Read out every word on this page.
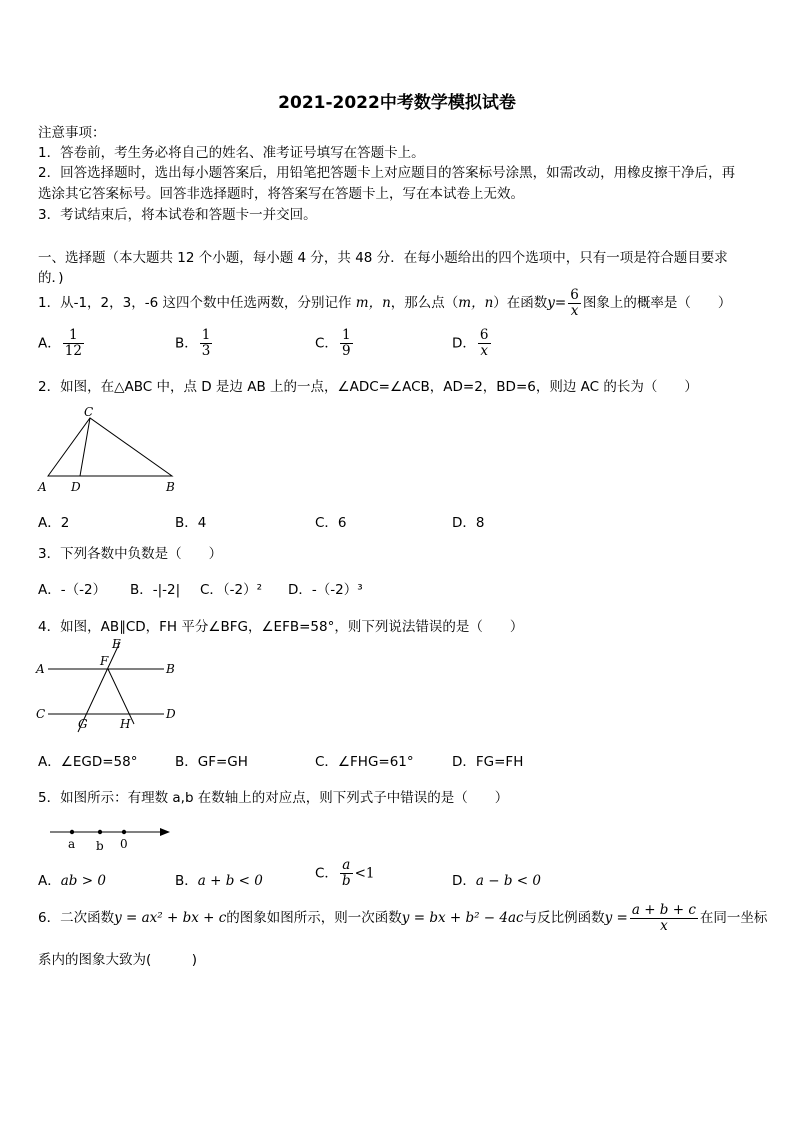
2021-2022中考数学模拟试卷
注意事项：
1．答卷前，考生务必将自己的姓名、准考证号填写在答题卡上。
2．回答选择题时，选出每小题答案后，用铅笔把答题卡上对应题目的答案标号涂黑，如需改动，用橡皮擦干净后，再
选涂其它答案标号。回答非选择题时，将答案写在答题卡上，写在本试卷上无效。
3．考试结束后，将本试卷和答题卡一并交回。
一、选择题（本大题共 12 个小题，每小题 4 分，共 48 分．在每小题给出的四个选项中，只有一项是符合题目要求
的．)
1．从-1，2，3，-6 这四个数中任选两数，分别记作 m，n，那么点（m，n）在函数$y= \frac{6}{x}$ 图象上的概率是（　　）
A． $\frac{1}{12}$	B． $\frac{1}{3}$	C． $\frac{1}{9}$	D． $\frac{6}{x}$
2．如图，在△ABC 中，点 D 是边 AB 上的一点，∠ADC=∠ACB，AD=2，BD=6，则边 AC 的长为（　　）
C
A D	B
A．2	B．4	C．6	D．8
3．下列各数中负数是（　　）
A．-（-2） B．-|-2| C．（-2）² D．-（-2）³
4．如图，AB∥CD，FH 平分∠BFG，∠EFB=58°，则下列说法错误的是（　　）
E
F
A	B
C	D
G	H
A．∠EGD=58°	B．GF=GH	C．∠FHG=61°	D．FG=FH
5．如图所示：有理数 a,b 在数轴上的对应点，则下列式子中错误的是（　　）
a b 0
A．ab > 0	B．a + b < 0	C． $\frac{a}{b} <1$	D．a − b < 0
6．二次函数y = ax² + bx + c的图象如图所示，则一次函数y = bx + b² − 4ac与反比例函数$y = \frac{a + b + c}{x}$ 在同一坐标
系内的图象大致为(　　　)
